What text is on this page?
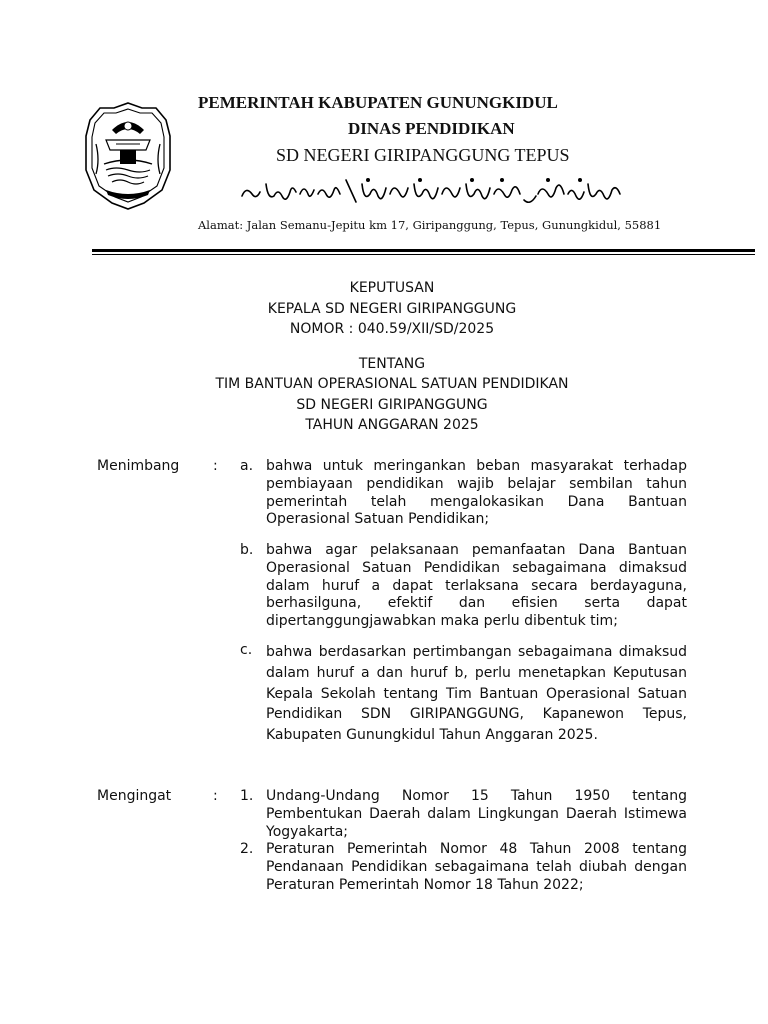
PEMERINTAH KABUPATEN GUNUNGKIDUL
DINAS PENDIDIKAN
SD NEGERI GIRIPANGGUNG TEPUS
Alamat: Jalan Semanu-Jepitu km 17, Giripanggung, Tepus, Gunungkidul, 55881
KEPUTUSAN
KEPALA SD NEGERI GIRIPANGGUNG
NOMOR : 040.59/XII/SD/2025
TENTANG
TIM BANTUAN OPERASIONAL SATUAN PENDIDIKAN
SD NEGERI GIRIPANGGUNG
TAHUN ANGGARAN 2025
Menimbang : a. bahwa untuk meringankan beban masyarakat terhadap pembiayaan pendidikan wajib belajar sembilan tahun pemerintah telah mengalokasikan Dana Bantuan Operasional Satuan Pendidikan;
b. bahwa agar pelaksanaan pemanfaatan Dana Bantuan Operasional Satuan Pendidikan sebagaimana dimaksud dalam huruf a dapat terlaksana secara berdayaguna, berhasilguna, efektif dan efisien serta dapat dipertanggungjawabkan maka perlu dibentuk tim;
c. bahwa berdasarkan pertimbangan sebagaimana dimaksud dalam huruf a dan huruf b, perlu menetapkan Keputusan Kepala Sekolah tentang Tim Bantuan Operasional Satuan Pendidikan SDN GIRIPANGGUNG, Kapanewon Tepus, Kabupaten Gunungkidul Tahun Anggaran 2025.
Mengingat	: 1. Undang-Undang Nomor 15 Tahun 1950 tentang Pembentukan Daerah dalam Lingkungan Daerah Istimewa Yogyakarta;
2. Peraturan Pemerintah Nomor 48 Tahun 2008 tentang Pendanaan Pendidikan sebagaimana telah diubah dengan Peraturan Pemerintah Nomor 18 Tahun 2022;
